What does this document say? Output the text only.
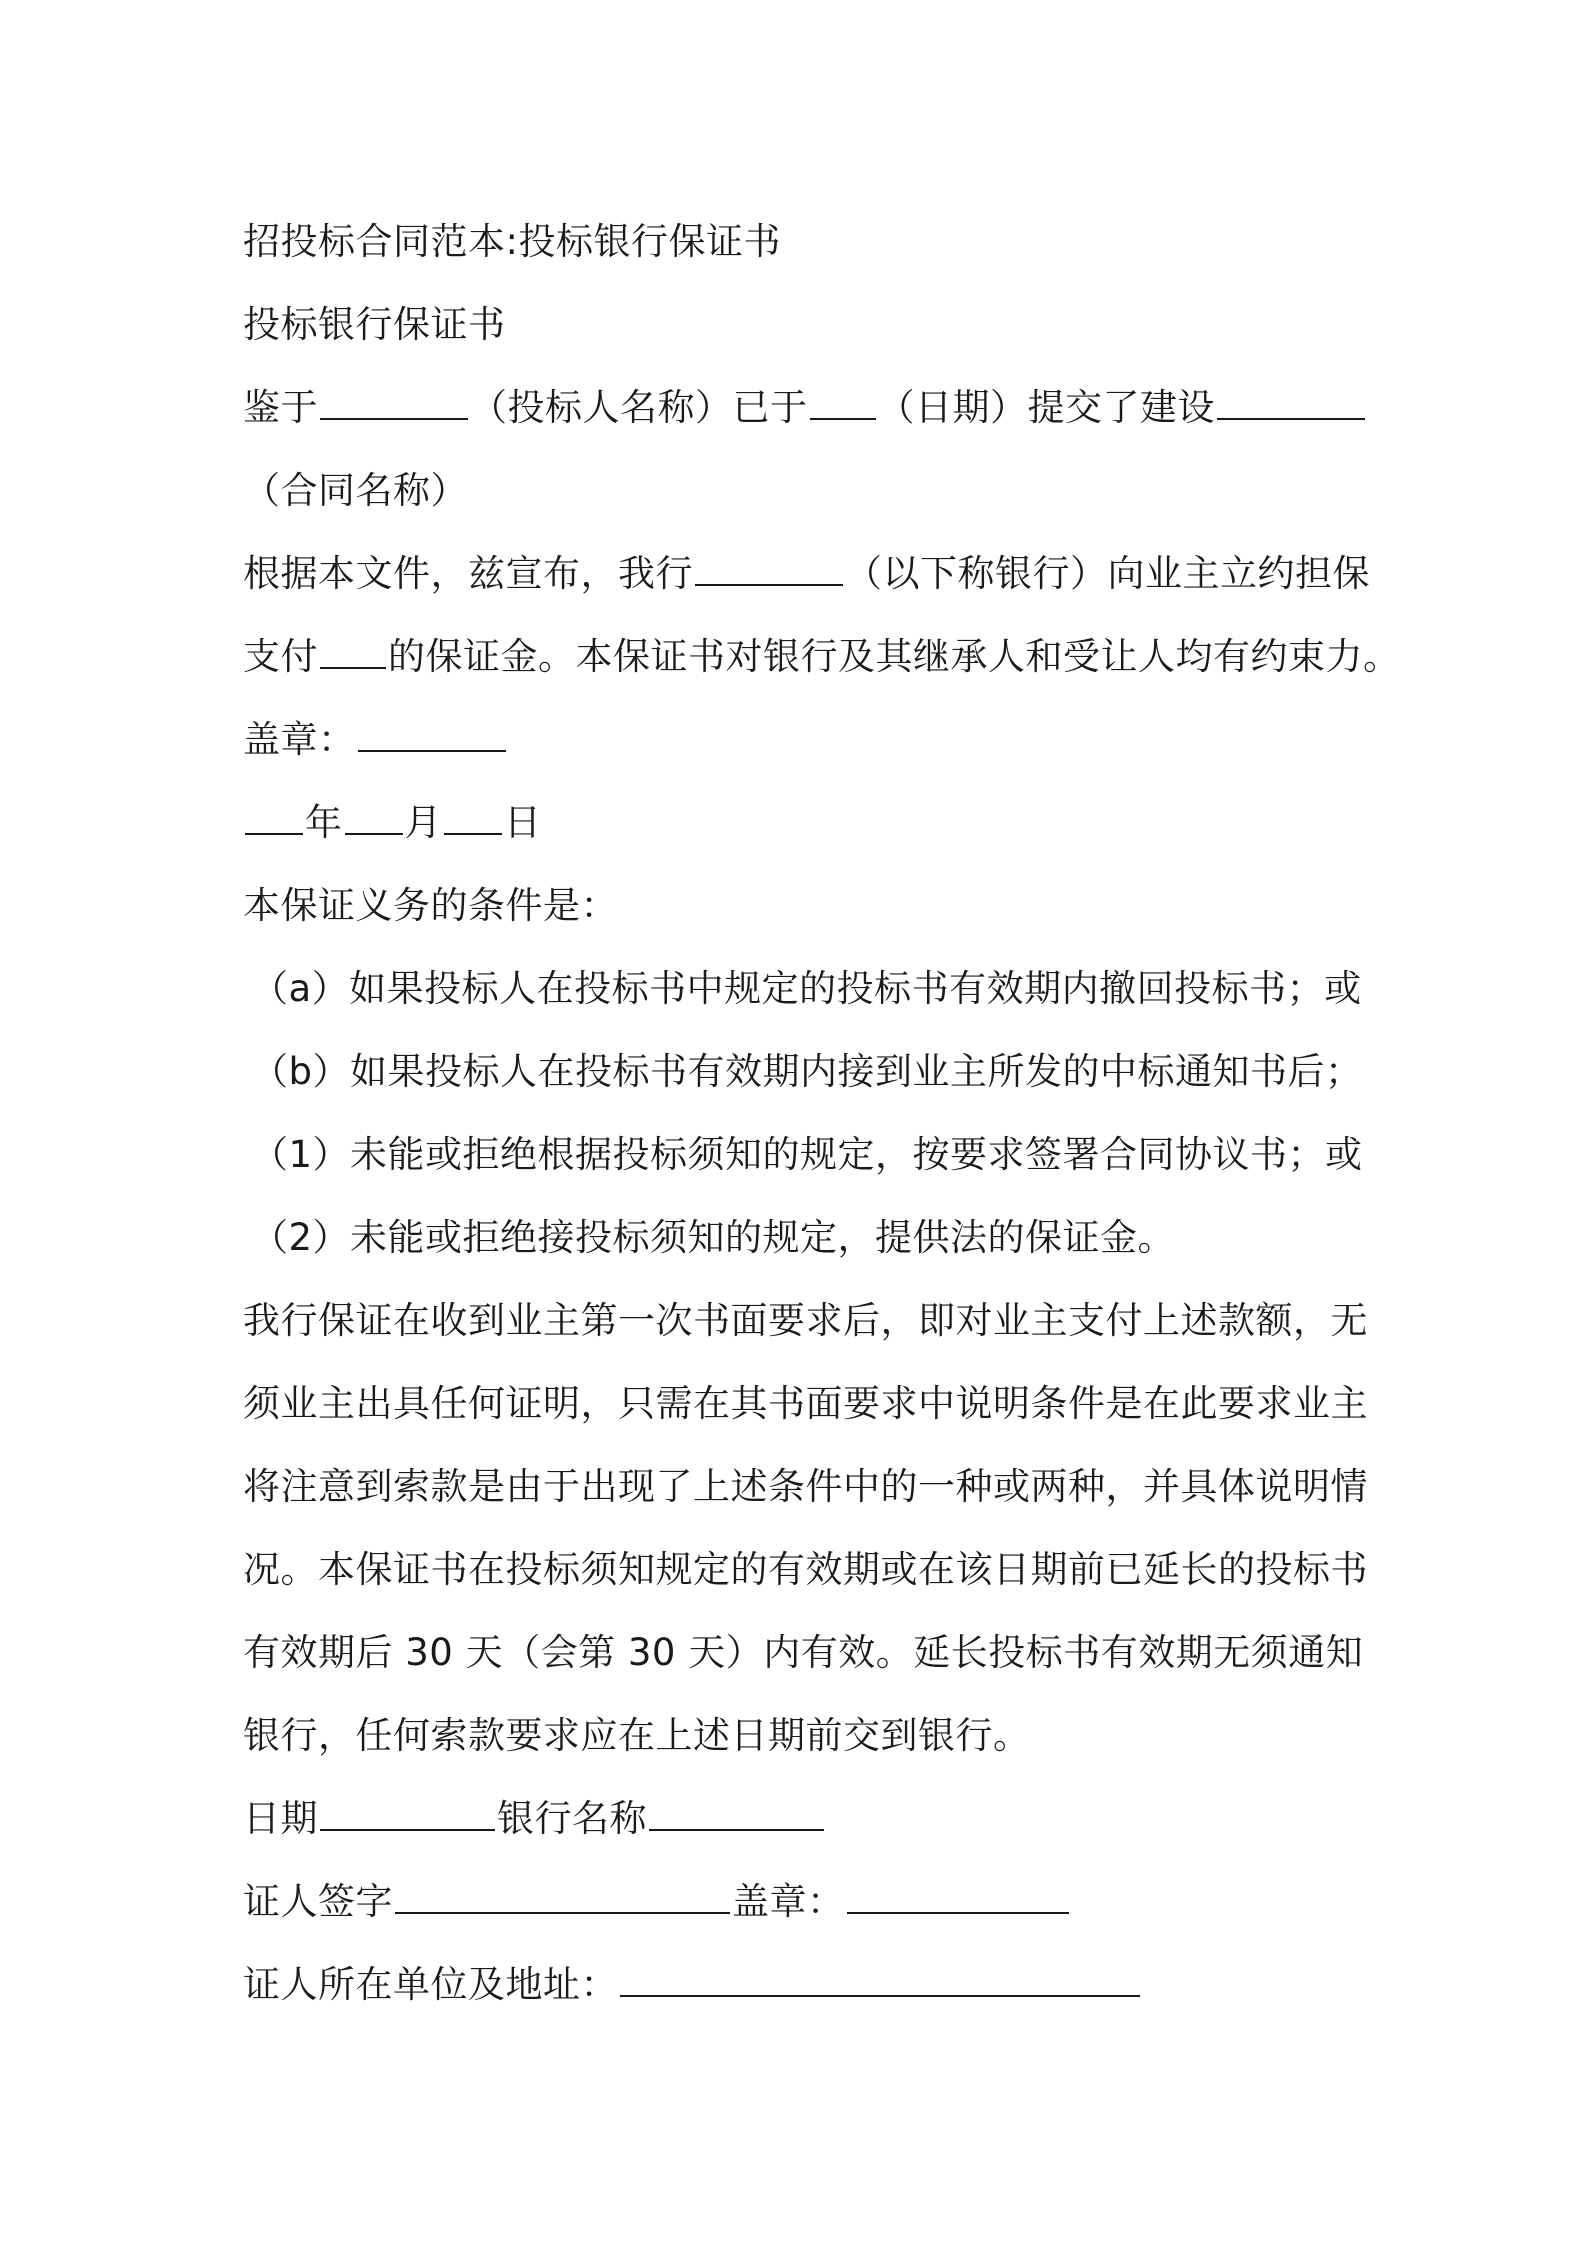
招投标合同范本:投标银行保证书
投标银行保证书
鉴于	（投标人名称）已于 （日期）提交了建设
（合同名称）
根据本文件，兹宣布，我行	（以下称银行）向业主立约担保
支付 的保证金。本保证书对银行及其继承人和受让人均有约束力。
盖章：
年 月 日
本保证义务的条件是：
（a）如果投标人在投标书中规定的投标书有效期内撤回投标书；或
（b）如果投标人在投标书有效期内接到业主所发的中标通知书后；
（1）未能或拒绝根据投标须知的规定，按要求签署合同协议书；或
（2）未能或拒绝接投标须知的规定，提供法的保证金。
我行保证在收到业主第一次书面要求后，即对业主支付上述款额，无
须业主出具任何证明，只需在其书面要求中说明条件是在此要求业主
将注意到索款是由于出现了上述条件中的一种或两种，并具体说明情
况。本保证书在投标须知规定的有效期或在该日期前已延长的投标书
有效期后 30 天（会第 30 天）内有效。延长投标书有效期无须通知
银行，任何索款要求应在上述日期前交到银行。
日期	银行名称
证人签字	盖章：
证人所在单位及地址：
